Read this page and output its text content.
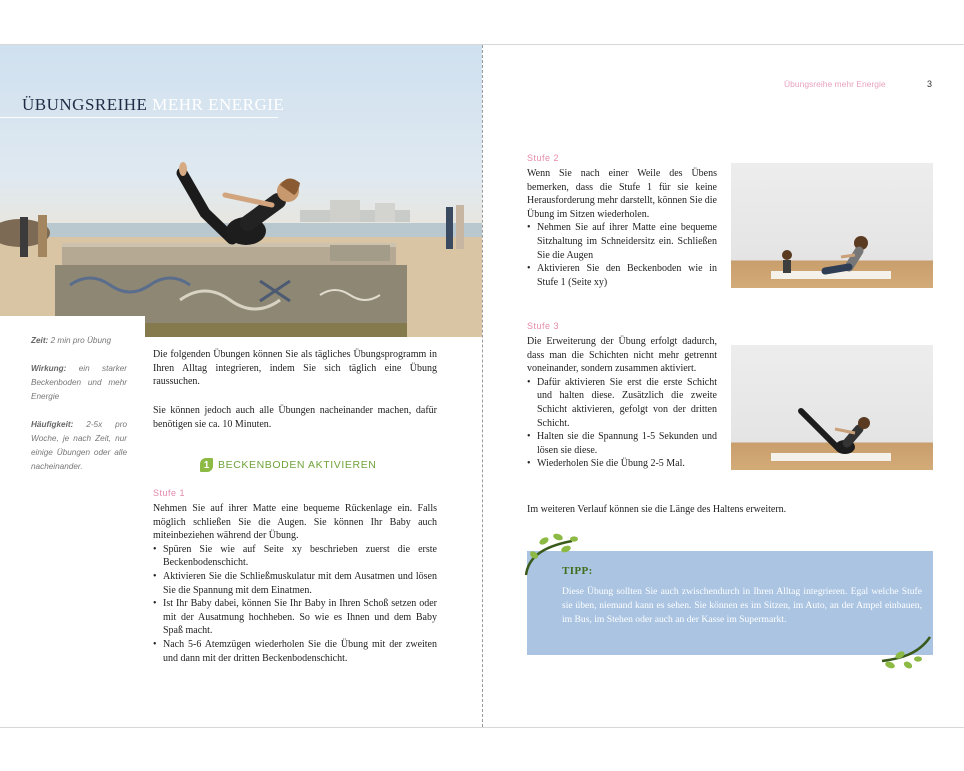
ÜBUNGSREIHE MEHR ENERGIE
Zeit: 2 min pro Übung
Wirkung: ein starker Beckenboden und mehr Energie
Häufigkeit: 2-5x pro Woche, je nach Zeit, nur einige Übungen oder alle nacheinander.

Die folgenden Übungen können Sie als tägliches Übungsprogramm in Ihren Alltag integrieren, indem Sie sich täglich eine Übung raussuchen.

Sie können jedoch auch alle Übungen nacheinander machen, dafür benötigen sie ca. 10 Minuten.

1 BECKENBODEN AKTIVIEREN
Stufe 1
Nehmen Sie auf ihrer Matte eine bequeme Rückenlage ein. Falls möglich schließen Sie die Augen. Sie können Ihr Baby auch miteinbeziehen während der Übung.
• Spüren Sie wie auf Seite xy beschrieben zuerst die erste Beckenbodenschicht.
• Aktivieren Sie die Schließmuskulatur mit dem Ausatmen und lösen Sie die Spannung mit dem Einatmen.
• Ist Ihr Baby dabei, können Sie Ihr Baby in Ihren Schoß setzen oder mit der Ausatmung hochheben. So wie es Ihnen und dem Baby Spaß macht.
• Nach 5-6 Atemzügen wiederholen Sie die Übung mit der zweiten und dann mit der dritten Beckenbodenschicht.
Übungsreihe mehr Energie	3
Stufe 2
Wenn Sie nach einer Weile des Übens bemerken, dass die Stufe 1 für sie keine Herausforderung mehr darstellt, können Sie die Übung im Sitzen wiederholen.
• Nehmen Sie auf ihrer Matte eine bequeme Sitzhaltung im Schneidersitz ein. Schließen Sie die Augen
• Aktivieren Sie den Beckenboden wie in Stufe 1 (Seite xy)
Stufe 3
Die Erweiterung der Übung erfolgt dadurch, dass man die Schichten nicht mehr getrennt voneinander, sondern zusammen aktiviert.
• Dafür aktivieren Sie erst die erste Schicht und halten diese. Zusätzlich die zweite Schicht aktivieren, gefolgt von der dritten Schicht.
• Halten sie die Spannung 1-5 Sekunden und lösen sie diese.
• Wiederholen Sie die Übung 2-5 Mal.
Im weiteren Verlauf können sie die Länge des Haltens erweitern.
TIPP:
Diese Übung sollten Sie auch zwischendurch in Ihren Alltag integrieren. Egal welche Stufe sie üben, niemand kann es sehen. Sie können es im Sitzen, im Auto, an der Ampel einbauen, im Bus, im Stehen oder auch an der Kasse im Supermarkt.
